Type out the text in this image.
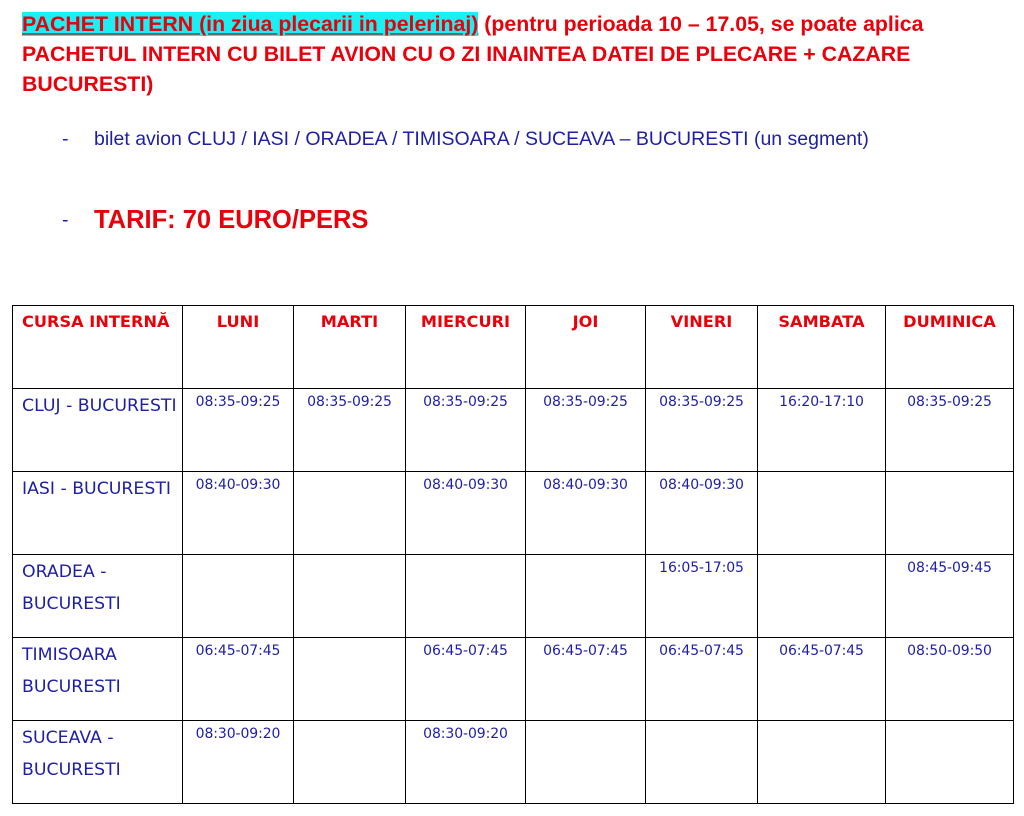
PACHET INTERN (in ziua plecarii in pelerinaj) (pentru perioada 10 – 17.05, se poate aplica PACHETUL INTERN CU BILET AVION CU O ZI INAINTEA DATEI DE PLECARE + CAZARE BUCURESTI)
- bilet avion CLUJ / IASI / ORADEA / TIMISOARA / SUCEAVA – BUCURESTI (un segment)
- TARIF: 70 EURO/PERS
CURSA INTERNĂ	LUNI	MARTI	MIERCURI	JOI	VINERI	SAMBATA	DUMINICA

CLUJ - BUCURESTI	08:35-09:25	08:35-09:25	08:35-09:25	08:35-09:25	08:35-09:25	16:20-17:10	08:35-09:25

IASI - BUCURESTI	08:40-09:30		08:40-09:30	08:40-09:30	08:40-09:30		

ORADEA - BUCURESTI					16:05-17:05		08:45-09:45

TIMISOARA BUCURESTI	06:45-07:45		06:45-07:45	06:45-07:45	06:45-07:45	06:45-07:45	08:50-09:50

SUCEAVA - BUCURESTI	08:30-09:20		08:30-09:20				
